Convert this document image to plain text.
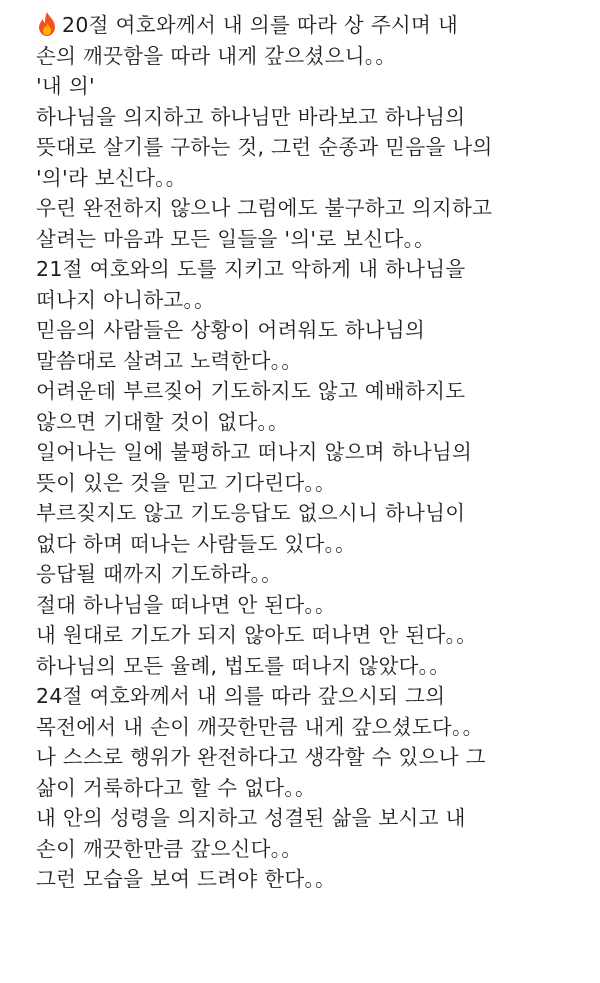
20절 여호와께서 내 의를 따라 상 주시며 내
손의 깨끗함을 따라 내게 갚으셨으니。。
'내 의'
하나님을 의지하고 하나님만 바라보고 하나님의
뜻대로 살기를 구하는 것, 그런 순종과 믿음을 나의
'의'라 보신다。。
우린 완전하지 않으나 그럼에도 불구하고 의지하고
살려는 마음과 모든 일들을 '의'로 보신다。。
21절 여호와의 도를 지키고 악하게 내 하나님을
떠나지 아니하고。。
믿음의 사람들은 상황이 어려워도 하나님의
말씀대로 살려고 노력한다。。
어려운데 부르짖어 기도하지도 않고 예배하지도
않으면 기대할 것이 없다。。
일어나는 일에 불평하고 떠나지 않으며 하나님의
뜻이 있은 것을 믿고 기다린다。。
부르짖지도 않고 기도응답도 없으시니 하나님이
없다 하며 떠나는 사람들도 있다。。
응답될 때까지 기도하라。。
절대 하나님을 떠나면 안 된다。。
내 원대로 기도가 되지 않아도 떠나면 안 된다。。
하나님의 모든 율례, 법도를 떠나지 않았다。。
24절 여호와께서 내 의를 따라 갚으시되 그의
목전에서 내 손이 깨끗한만큼 내게 갚으셨도다。。
나 스스로 행위가 완전하다고 생각할 수 있으나 그
삶이 거룩하다고 할 수 없다。。
내 안의 성령을 의지하고 성결된 삶을 보시고 내
손이 깨끗한만큼 갚으신다。。
그런 모습을 보여 드려야 한다。。
